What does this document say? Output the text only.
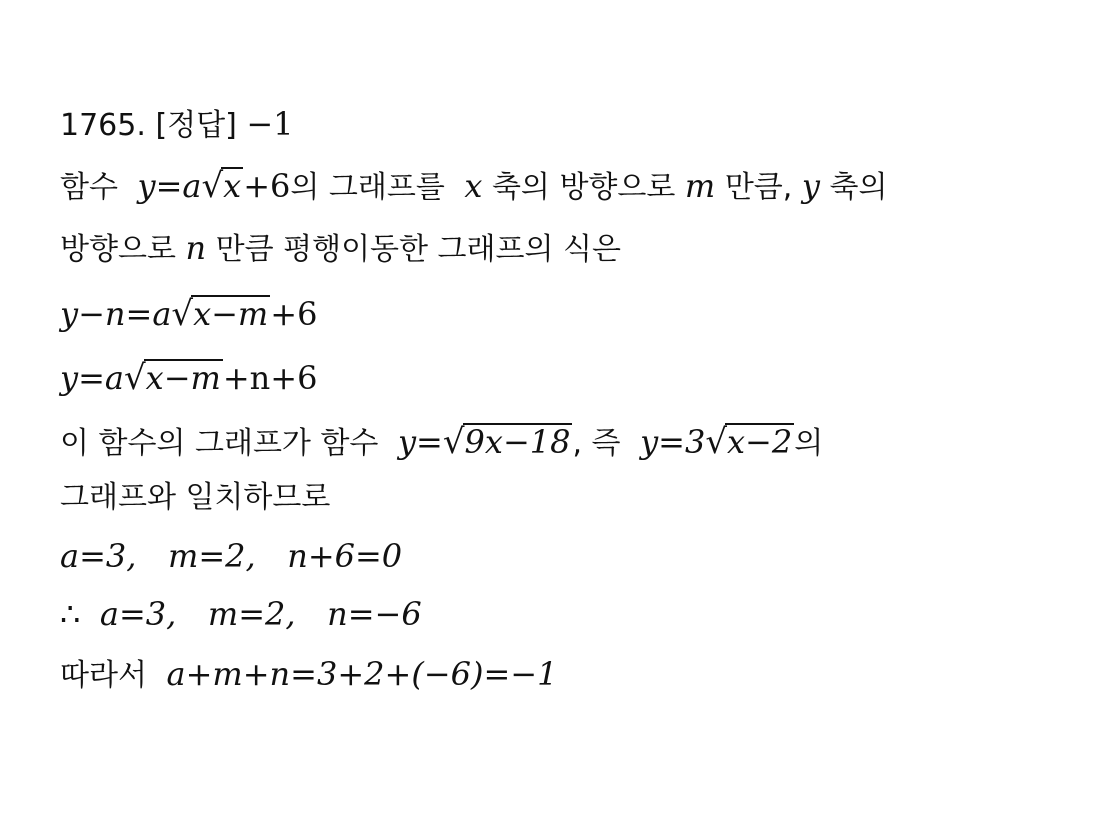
1765. [정답] −1
함수 y=a√x+6의 그래프를 x 축의 방향으로 m 만큼, y 축의
방향으로 n 만큼 평행이동한 그래프의 식은
y−n=a√x−m+6
y=a√x−m+n+6
이 함수의 그래프가 함수 y=√9x−18, 즉 y=3√x−2의
그래프와 일치하므로
a=3, m=2, n+6=0
∴ a=3, m=2, n=−6
따라서 a+m+n=3+2+(−6)=−1
